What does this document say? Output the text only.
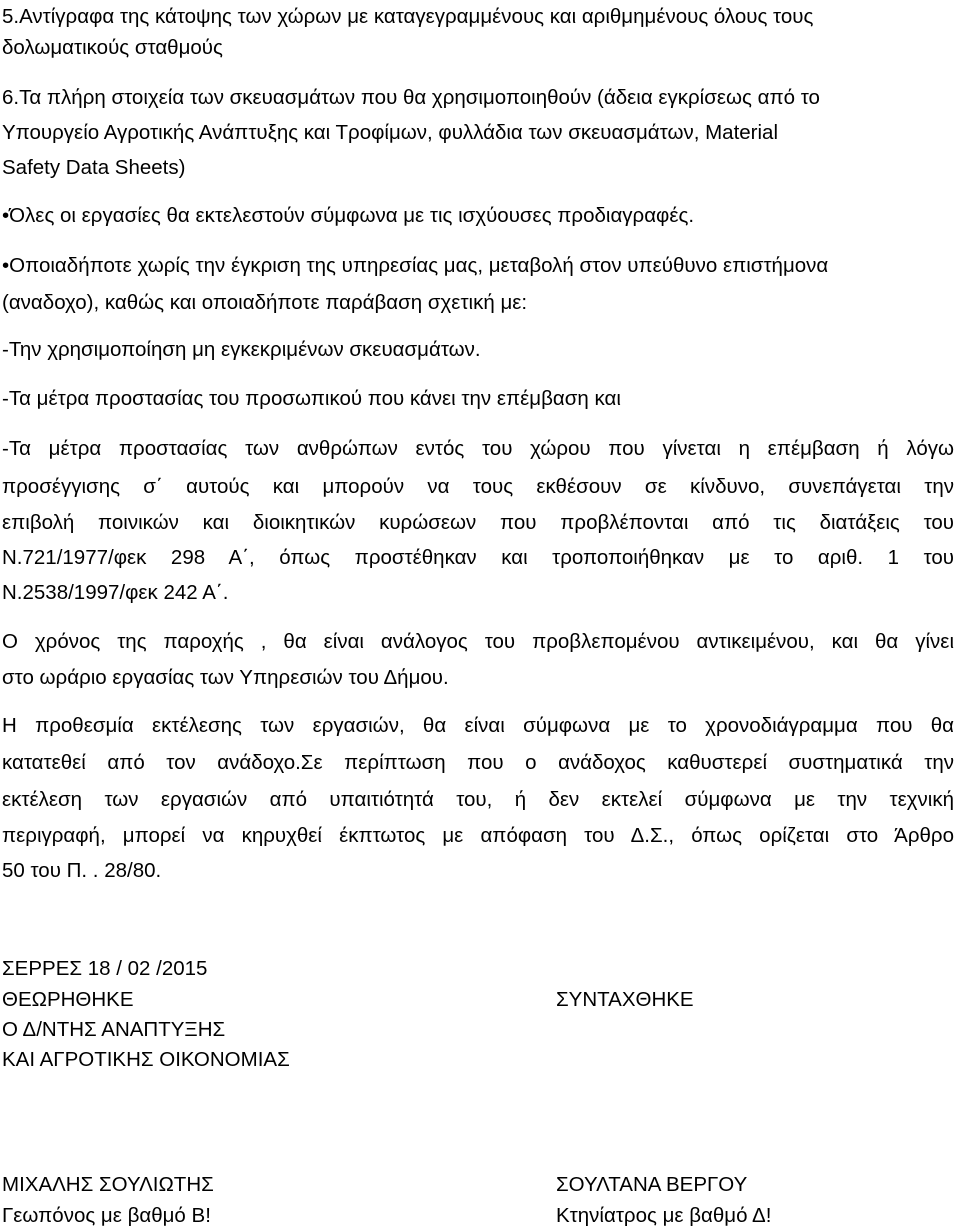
5.Αντίγραφα της κάτοψης των χώρων με καταγεγραμμένους και αριθμημένους όλους τους
δολωματικούς σταθμούς
6.Τα πλήρη στοιχεία των σκευασμάτων που θα χρησιμοποιηθούν (άδεια εγκρίσεως από το
Υπουργείο Αγροτικής Ανάπτυξης και Τροφίμων, φυλλάδια των σκευασμάτων, Material
Safety Data Sheets)
•Όλες οι εργασίες θα εκτελεστούν σύμφωνα με τις ισχύουσες προδιαγραφές.
•Οποιαδήποτε χωρίς την έγκριση της υπηρεσίας μας, μεταβολή στον υπεύθυνο επιστήμονα
(αναδοχο), καθώς και οποιαδήποτε παράβαση σχετική με:
-Την χρησιμοποίηση μη εγκεκριμένων σκευασμάτων.
-Τα μέτρα προστασίας του προσωπικού που κάνει την επέμβαση και
-Τα μέτρα προστασίας των ανθρώπων εντός του χώρου που γίνεται η επέμβαση ή λόγω
προσέγγισης σ΄ αυτούς και μπορούν να τους εκθέσουν σε κίνδυνο, συνεπάγεται την
επιβολή ποινικών και διοικητικών κυρώσεων που προβλέπονται από τις διατάξεις του
Ν.721/1977/φεκ 298 Α΄, όπως προστέθηκαν και τροποποιήθηκαν με το αριθ. 1 του
Ν.2538/1997/φεκ 242 Α΄.
Ο χρόνος της παροχής , θα είναι ανάλογος του προβλεπομένου αντικειμένου, και θα γίνει
στο ωράριο εργασίας των Υπηρεσιών του Δήμου.
Η προθεσμία εκτέλεσης των εργασιών, θα είναι σύμφωνα με το χρονοδιάγραμμα που θα
κατατεθεί από τον ανάδοχο.Σε περίπτωση που ο ανάδοχος καθυστερεί συστηματικά την
εκτέλεση των εργασιών από υπαιτιότητά του, ή δεν εκτελεί σύμφωνα με την τεχνική
περιγραφή, μπορεί να κηρυχθεί έκπτωτος με απόφαση του Δ.Σ., όπως ορίζεται στο Άρθρο
50 του Π. . 28/80.
ΣΕΡΡΕΣ 18 / 02 /2015
ΘΕΩΡΗΘΗΚΕ	ΣΥΝΤΑΧΘΗΚΕ
Ο Δ/ΝΤΗΣ ΑΝΑΠΤΥΞΗΣ
ΚΑΙ ΑΓΡΟΤΙΚΗΣ ΟΙΚΟΝΟΜΙΑΣ
ΜΙΧΑΛΗΣ ΣΟΥΛΙΩΤΗΣ	ΣΟΥΛΤΑΝΑ ΒΕΡΓΟΥ
Γεωπόνος με βαθμό Β!	Κτηνίατρος με βαθμό Δ!
